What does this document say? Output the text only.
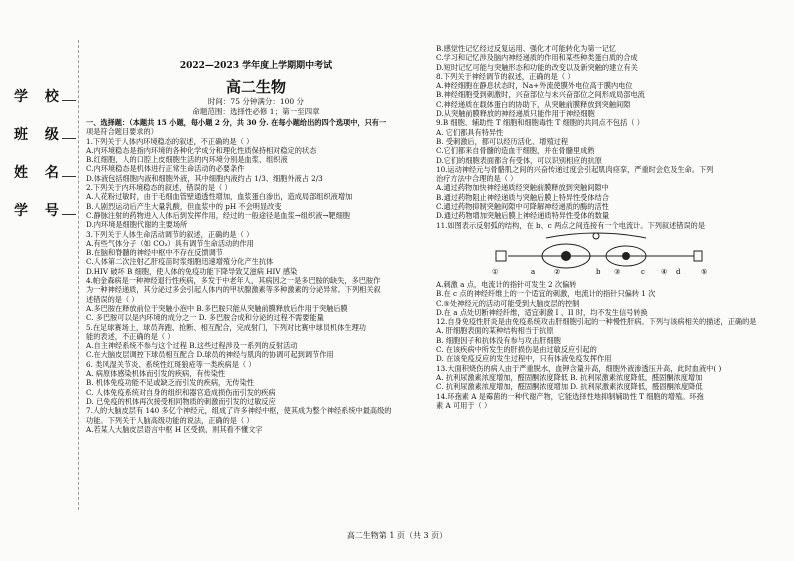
学 校
班 级
姓 名
学 号
2022—2023 学年度上学期期中考试
高二生物
时间：75 分钟满分：100 分
命题范围：选择性必修 1；第一至四章
一、选择题：（本题共 15 小题，每小题 2 分，共 30 分. 在每小题给出的四个选项中，只有一
项是符合题目要求的）
1.下列关于人体内环境稳态的叙述，不正确的是（ ）
A.内环境稳态是指内环境的各种化学成分和理化性质保持相对稳定的状态
B.红细胞，人的口腔上皮细胞生活的内环境分别是血浆、组织液
C.内环境稳态是机体进行正常生命活动的必要条件
D.体液包括细胞内液和细胞外液，其中细胞内液约占 1/3、细胞外液占 2/3
2.下列关于内环境稳态的叙述，错误的是（ ）
A.人花粉过敏时，由于毛细血管壁通透性增加，血浆蛋白渗出，造成局部组织液增加
B.人剧烈运动后产生大量乳酸，但血浆中的 pH 不会明显改变
C.静脉注射的药物进入人体后到发挥作用，经过的一般途径是血浆→组织液→靶细胞
D.内环境是细胞代谢的主要场所
3.下列关于人体生命活动调节的叙述，正确的是（ ）
A.有些气体分子（如 CO₂）具有调节生命活动的作用
B.在脑和脊髓的神经中枢中不存在反馈调节
C.人体第二次注射乙肝疫苗时浆细胞迅速增殖分化产生抗体
D.HIV 破坏 B 细胞，使人体的免疫功能下降导致艾滋病 HIV 感染
4.帕金森病是一种神经退行性疾病，多发于中老年人，其病因之一是多巴胺的缺失，多巴胺作
为一种神经递质，其分泌过多会引起人体内的甲状腺激素等多种激素的分泌异常。下列相关叙
述错误的是（ ）
A.多巴胺在释放前位于突触小泡中 B.多巴胺只能从突触前膜释放后作用于突触后膜
C. 多巴胺可以是内环境的成分之一 D. 多巴胺合成和分泌的过程不需要能量
5.在足球赛场上，球员奔跑、抢断、相互配合，完成射门，下列对比赛中球员机体生理功
能的表述，不正确的是（ ）
A.自主神经系统不参与这个过程 B.这些过程涉及一系列的反射活动
C.在大脑皮层调控下球员相互配合 D.球员的神经与肌肉的协调可起到调节作用
6. 类风湿关节炎、系统性红斑狼疮等一类疾病是（ ）
A. 病原体感染机体而引发的疾病，有传染性
B. 机体免疫功能不足或缺乏而引发的疾病，无传染性
C. 人体免疫系统对自身的组织和器官造成损伤而引发的疾病
D. 已免疫的机体再次接受相同物质的刺激而引发的过敏反应
7.人的大脑皮层有 140 多亿个神经元，组成了许多神经中枢，使其成为整个神经系统中最高级的
功能。下列关于人脑高级功能的说法，正确的是（ ）
A.若某人大脑皮层语言中枢 H 区受损，则其看不懂文字
B.感觉性记忆经过反复运用、强化才可能转化为第一记忆
C.学习和记忆涉及脑内神经递质的作用和某些种类蛋白质的合成
D.短时记忆可能与突触形态和功能的改变以及新突触的建立有关
8.下列关于神经调节的叙述，正确的是（ ）
A.神经细胞在静息状态时，Na+外流使膜外电位高于膜内电位
B.神经细胞受到刺激时，兴奋部位与未兴奋部位之间形成局部电流
C.神经递质在载体蛋白的协助下，从突触前膜释放到突触间隙
D.从突触前膜释放的神经递质只能作用于神经细胞
9.B 细胞、辅助性 T 细胞和细胞毒性 T 细胞的共同点不包括（ ）
A. 它们都具有特异性
B. 受刺激后，都可以经历活化、增殖过程
C.它们都来自骨髓的造血干细胞，并在骨髓里成熟
D.它们的细胞表面都含有受体，可以识别相应的抗原
10.运动神经元与骨骼肌之间的兴奋传递过度会引起肌肉痉挛，严重时会危及生命。下列
治疗方法中合理的是（ ）
A.通过药物加快神经递质经突触前膜释放到突触间隙中
B.通过药物阻止神经递质与突触后膜上特异性受体结合
C.通过药物抑制突触间隙中可降解神经递质的酶的活性
D.通过药物增加突触后膜上神经递质特异性受体的数量
11.如图表示反射弧的结构，在 b、c 两点之间连接有一个电流计。下列叙述错误的是
a	b	c	d
①	②	③	④	⑤
A.刺激 a 点，电流计的指针可发生 2 次偏转
B.在 c 点的神经纤维上的一个适宜的刺激，电流计的指针只偏转 1 次
C.⑤处神经元的活动可能受到大脑皮层的控制
D.在 a 点处切断神经纤维，适宜刺激 I 、II 时，均不发生信号转换
12.自身免疫性肝炎是由免疫系统攻击肝细胞引起的一种慢性肝病。下列与该病相关的描述，正确的是
A. 肝细胞表面的某种结构相当于抗原
B. 细胞因子和抗体没有参与攻击肝细胞
C. 在该疾病中所发生的肝损伤是由过敏反应引起的
D. 在该免疫反应的发生过程中，只有体液免疫发挥作用
13.大面积烧伤的病人由于严重脱水，血钾含量升高，细胞外液渗透压升高，此时血液中( )
A. 抗利尿激素浓度增加，醛固酮浓度降低 B. 抗利尿激素浓度降低，醛固酮浓度增加
C. 抗利尿激素浓度增加，醛固酮浓度增加 D. 抗利尿激素浓度降低，醛固酮浓度降低
14.环孢素 A 是霉菌的一种代谢产物，它能选择性地抑制辅助性 T 细胞的增殖。环孢
素 A 可用于（ ）
高二生物第 1 页（共 3 页）
